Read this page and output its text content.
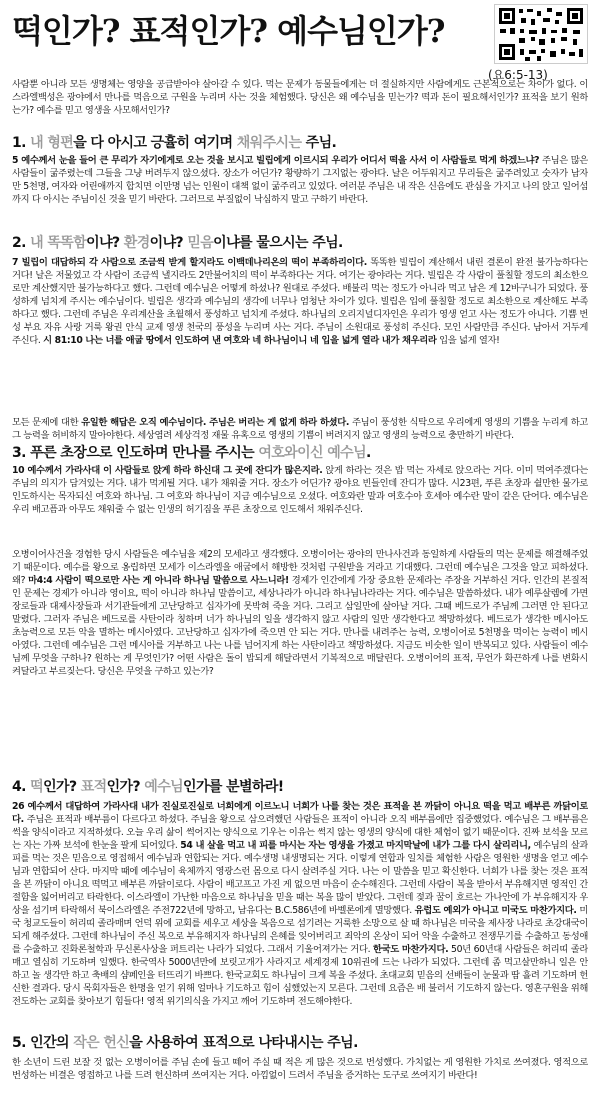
떡인가? 표적인가? 예수님인가?
(요6:5-13)
사람뿐 아니라 모든 생명체는 영양을 공급받아야 살아갈 수 있다. 먹는 문제가 동물들에게는 더 절실하지만 사람에게도 근본적으로는 차이가 없다. 이스라엘백성은 광야에서 만나를 먹음으로 구원을 누리며 사는 것을 체험했다. 당신은 왜 예수님을 믿는가? 떡과 돈이 필요해서인가? 표적을 보기 원하는가? 예수를 믿고 영생을 사모해서인가?
1. 내 형편을 다 아시고 긍휼히 여기며 채워주시는 주님.
5 예수께서 눈을 들어 큰 무리가 자기에게로 오는 것을 보시고 빌립에게 이르시되 우리가 어디서 떡을 사서 이 사람들로 먹게 하겠느냐? 주님은 많은 사람들이 굶주렸는데 그들을 그냥 버려두지 않으셨다. 장소가 어딘가? 황량하기 그지없는 광야다. 날은 어두워지고 무리들은 굶주려있고 숫자가 남자만 5천명, 여자와 어린애까지 합치면 이만명 넘는 인원이 대책 없이 굶주리고 있었다. 여러분 주님은 내 작은 신음에도 관심을 가지고 나의 앉고 일어섬까지 다 아시는 주님이신 것을 믿기 바란다. 그러므로 부질없이 낙심하지 말고 구하기 바란다.
2. 내 똑똑함이냐? 환경이냐? 믿음이냐를 물으시는 주님.
7 빌립이 대답하되 각 사람으로 조금씩 받게 할지라도 이백데나리온의 떡이 부족하리이다. 똑똑한 빌립이 계산해서 내린 결론이 완전 불가능하다는 거다! 날은 저물었고 각 사람이 조금씩 낼지라도 2만불어치의 떡이 부족하다는 거다. 여기는 광야라는 거다. 빌립은 각 사람이 풀칠할 정도의 최소한으로만 계산했지만 불가능하다고 했다. 그런데 예수님은 어떻게 하셨나? 원대로 주셨다. 배불리 먹는 정도가 아니라 먹고 남은 게 12바구니가 되었다. 풍성하게 넘치게 주시는 예수님이다. 빌립은 생각과 예수님의 생각에 너무나 엄청난 차이가 있다. 빌립은 입에 풀칠할 정도로 최소한으로 계산해도 부족하다고 했다. 그런데 주님은 우리계산을 초월해서 풍성하고 넘치게 주셨다. 하나님의 오리지널디자인은 우리가 영생 얻고 사는 정도가 아니다. 기쁨 번성 부요 자유 사랑 거룩 왕권 안식 교제 영생 천국의 풍성을 누리며 사는 거다. 주님이 소원대로 풍성히 주신다. 모인 사람만큼 주신다. 남아서 거두게 주신다. 시 81:10 나는 너를 애굽 땅에서 인도하여 낸 여호와 네 하나님이니 네 입을 넓게 열라 내가 채우리라 입을 넓게 열자!
모든 문제에 대한 유일한 해답은 오직 예수님이다. 주님은 버리는 게 없게 하라 하셨다. 주님이 풍성한 식탁으로 우리에게 영생의 기쁨을 누리게 하고 그 능력을 허비하지 말아야한다. 세상염려 세상걱정 재물 유혹으로 영생의 기쁨이 버려지지 않고 영생의 능력으로 충만하기 바란다.
3. 푸른 초장으로 인도하며 만나를 주시는 여호와이신 예수님.
10 예수께서 가라사대 이 사람들로 앉게 하라 하신대 그 곳에 잔디가 많은지라. 앉게 하라는 것은 밥 먹는 자세로 앉으라는 거다. 이미 먹여주겠다는 주님의 의지가 담겨있는 거다. 내가 먹게될 거다. 내가 채워줄 거다. 장소가 어딘가? 광야요 빈들인데 잔디가 많다. 시23편, 푸른 초장과 쉴만한 물가로 인도하시는 목자되신 여호와 하나님. 그 여호와 하나님이 지금 예수님으로 오셨다. 여호와란 말과 여호수아 호세아 예수란 말이 같은 단어다. 예수님은 우리 배고픔과 아무도 채워줄 수 없는 인생의 허기짐을 푸른 초장으로 인도해서 채워주신다.
오병이어사건을 경험한 당시 사람들은 예수님을 제2의 모세라고 생각했다. 오병이어는 광야의 만나사건과 동일하게 사람들의 먹는 문제를 해결해주었기 때문이다. 예수를 왕으로 옹립하면 모세가 이스라엘을 애굽에서 해방한 것처럼 구원받을 거라고 기대했다. 그런데 예수님은 그것을 알고 피하셨다. 왜? 마4:4 사람이 떡으로만 사는 게 아니라 하나님 말씀으로 사느니라! 경제가 인간에게 가장 중요한 문제라는 주장을 거부하신 거다. 인간의 본질적인 문제는 경제가 아니라 영이요, 떡이 아니라 하나님 말씀이고, 세상나라가 아니라 하나님나라라는 거다. 예수님은 말씀하셨다. 내가 예루살렘에 가면 장로들과 대제사장들과 서기관들에게 고난당하고 십자가에 못박혀 죽을 거다. 그리고 삼일만에 살아날 거다. 그때 베드로가 주님께 그러면 안 된다고 말렸다. 그러자 주님은 베드로를 사탄이라 칭하며 너가 하나님의 일을 생각하지 않고 사람의 일만 생각한다고 책망하셨다. 베드로가 생각한 메시아도 초능력으로 모든 악을 멸하는 메시아였다. 고난당하고 십자가에 죽으면 안 되는 거다. 만나를 내려주는 능력, 오병이어로 5천명을 먹이는 능력이 메시아였다. 그런데 예수님은 그런 메시아를 거부하고 나는 나를 넘어지게 하는 사탄이라고 책망하셨다. 지금도 비슷한 일이 반복되고 있다. 사람들이 예수님께 무엇을 구하나? 원하는 게 무엇인가? 어떤 사람은 돌이 밥되게 해달라면서 기복적으로 매달린다. 오병이어의 표적, 무언가 화끈하게 나를 변화시켜달라고 부르짖는다. 당신은 무엇을 구하고 있는가?
4. 떡인가? 표적인가? 예수님인가를 분별하라!
26 예수께서 대답하여 가라사대 내가 진실로진실로 너희에게 이르노니 너희가 나를 찾는 것은 표적을 본 까닭이 아니요 떡을 먹고 배부른 까닭이로다. 주님은 표적과 배부름이 다르다고 하셨다. 주님을 왕으로 삼으려했던 사람들은 표적이 아니라 오직 배부름에만 집중했었다. 예수님은 그 배부름은 썩을 양식이라고 지적하셨다. 오늘 우리 삶이 썩어지는 양식으로 기우는 이유는 썩지 않는 영생의 양식에 대한 체험이 없기 때문이다. 진짜 보석을 모르는 자는 가짜 보석에 한눈을 팔게 되어있다. 54 내 살을 먹고 내 피를 마시는 자는 영생을 가졌고 마지막날에 내가 그를 다시 살리리니, 예수님의 살과 피를 먹는 것은 믿음으로 영접해서 예수님과 연합되는 거다. 예수생명 내생명되는 거다. 이렇게 연합과 일치를 체험한 사람은 영원한 생명을 얻고 예수님과 연합되어 산다. 마지막 때에 예수님이 육체까지 영광스런 몸으로 다시 살려주실 거다. 나는 이 말씀을 믿고 확신한다. 너희가 나를 찾는 것은 표적을 본 까닭이 아니요 떡먹고 배부른 까닭이로다. 사람이 배고프고 가진 게 없으면 마음이 순수해진다. 그런데 사람이 복을 받아서 부유해지면 영적인 간절함을 잃어버리고 타락한다. 이스라엘이 가난한 마음으로 하나님을 믿을 때는 복을 많이 받았다. 그런데 젖과 꿀이 흐르는 가나안에 가 부유해지자 우상을 섬기며 타락해서 북이스라엘은 주전722년에 망하고, 남유다는 B.C.586년에 바벨론에게 멸망했다. 유럽도 예외가 아니고 미국도 마찬가지다. 미국 청교도들이 허리띠 졸라매며 언덕 위에 교회를 세우고 세상을 복음으로 섬기려는 거룩한 소망으로 살 때 하나님은 미국을 제사장 나라로 초강대국이 되게 해주셨다. 그런데 하나님이 주신 복으로 부유해지자 하나님의 은혜를 잊어버리고 죄악의 온상이 되어 악을 수출하고 전쟁무기를 수출하고 동성애를 수출하고 진화론철학과 무신론사상을 퍼트리는 나라가 되었다. 그래서 기울어져가는 거다. 한국도 마찬가지다. 50년 60년대 사람들은 허리띠 졸라매고 열심히 기도하며 일했다. 한국역사 5000년만에 보릿고개가 사라지고 세계경제 10위권에 드는 나라가 되었다. 그런데 좀 먹고살만하니 일은 안 하고 놀 생각만 하고 축배의 샴페인을 터뜨리기 바쁘다. 한국교회도 하나님이 크게 복을 주셨다. 초대교회 믿음의 선배들이 눈물과 땀 흘려 기도하며 헌신한 결과다. 당시 목회자들은 한명을 얻기 위해 얼마나 기도하고 힘이 심했었는지 모른다. 그런데 요즘은 배 불러서 기도하지 않는다. 영혼구원을 위해 전도하는 교회를 찾아보기 힘들다! 영적 위기의식을 가지고 깨어 기도하며 전도해야한다.
5. 인간의 작은 헌신을 사용하여 표적으로 나타내시는 주님.
한 소년이 드린 보잘 것 없는 오병이어를 주님 손에 들고 떼어 주실 때 적은 게 많은 것으로 번성했다. 가치없는 게 영원한 가치로 쓰여졌다. 영적으로 번성하는 비결은 영접하고 나를 드려 헌신하며 쓰여지는 거다. 아낌없이 드려서 주님을 증거하는 도구로 쓰여지기 바란다!
